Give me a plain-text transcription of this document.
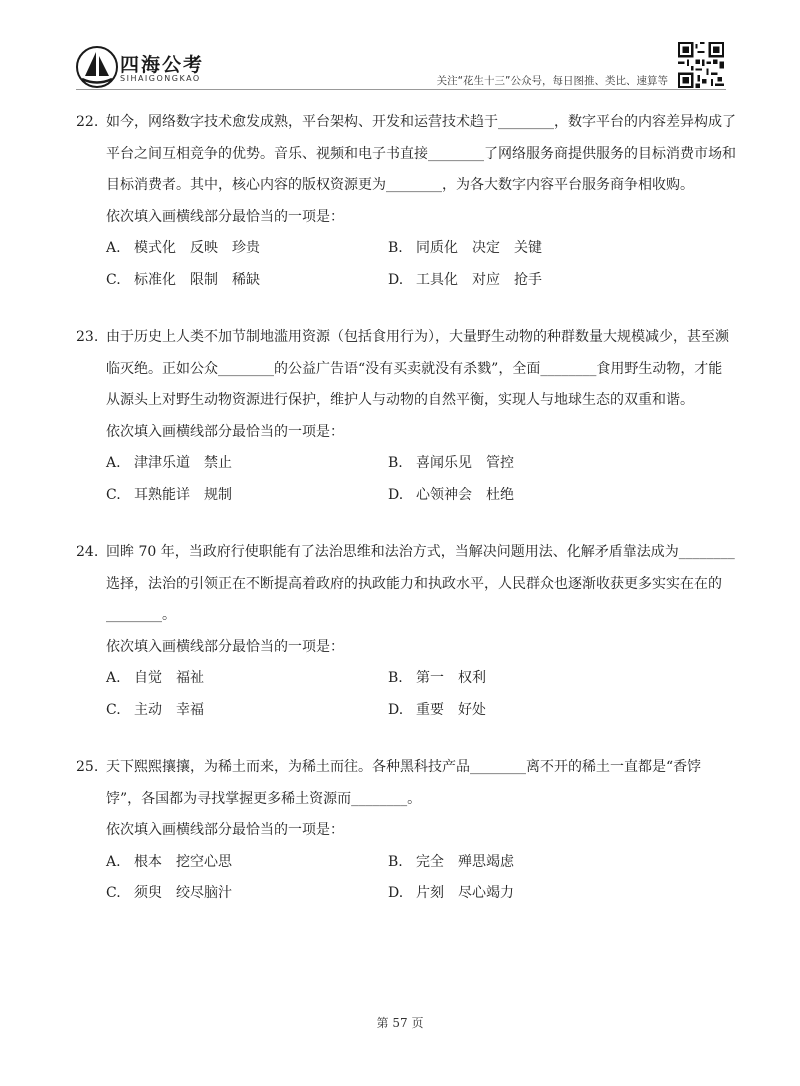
四海公考
SIHAIGONGKAO	关注“花生十三”公众号，每日图推、类比、速算等

22. 如今，网络数字技术愈发成熟，平台架构、开发和运营技术趋于________，数字平台的内容差异构成了平台之间互相竞争的优势。音乐、视频和电子书直接________了网络服务商提供服务的目标消费市场和目标消费者。其中，核心内容的版权资源更为________，为各大数字内容平台服务商争相收购。

依次填入画横线部分最恰当的一项是：

A. 模式化　反映　珍贵	B. 同质化　决定　关键
C. 标准化　限制　稀缺	D. 工具化　对应　抢手

23. 由于历史上人类不加节制地滥用资源（包括食用行为），大量野生动物的种群数量大规模减少，甚至濒临灭绝。正如公众________的公益广告语“没有买卖就没有杀戮”，全面________食用野生动物，才能从源头上对野生动物资源进行保护，维护人与动物的自然平衡，实现人与地球生态的双重和谐。

依次填入画横线部分最恰当的一项是：

A. 津津乐道　禁止	B. 喜闻乐见　管控
C. 耳熟能详　规制	D. 心领神会　杜绝

24. 回眸 70 年，当政府行使职能有了法治思维和法治方式，当解决问题用法、化解矛盾靠法成为________选择，法治的引领正在不断提高着政府的执政能力和执政水平，人民群众也逐渐收获更多实实在在的________。

依次填入画横线部分最恰当的一项是：

A. 自觉　福祉	B. 第一　权利
C. 主动　幸福	D. 重要　好处

25. 天下熙熙攘攘，为稀土而来，为稀土而往。各种黑科技产品________离不开的稀土一直都是“香饽饽”，各国都为寻找掌握更多稀土资源而________。

依次填入画横线部分最恰当的一项是：

A. 根本　挖空心思	B. 完全　殚思竭虑
C. 须臾　绞尽脑汁	D. 片刻　尽心竭力
第 57 页
